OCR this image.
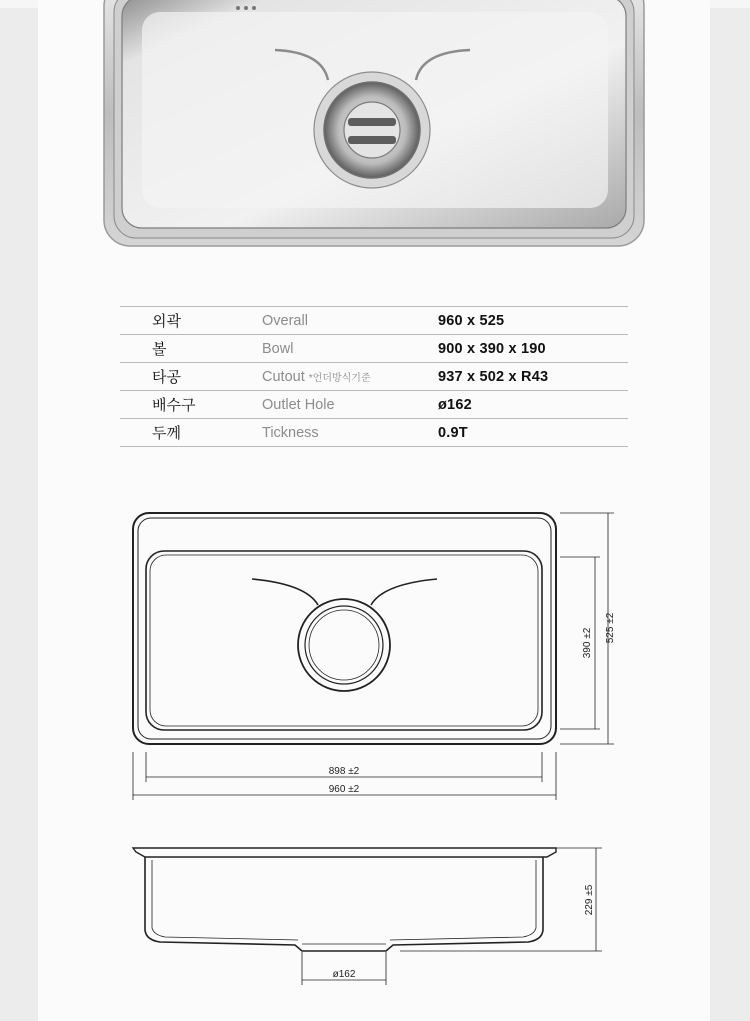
외곽	Overall	960 x 525
볼	Bowl	900 x 390 x 190
타공	Cutout *언더방식기준	937 x 502 x R43
배수구	Outlet Hole	ø162
두께	Tickness	0.9T
390 ±2 525 ±2
898 ±2
960 ±2
229 ±5
ø162
